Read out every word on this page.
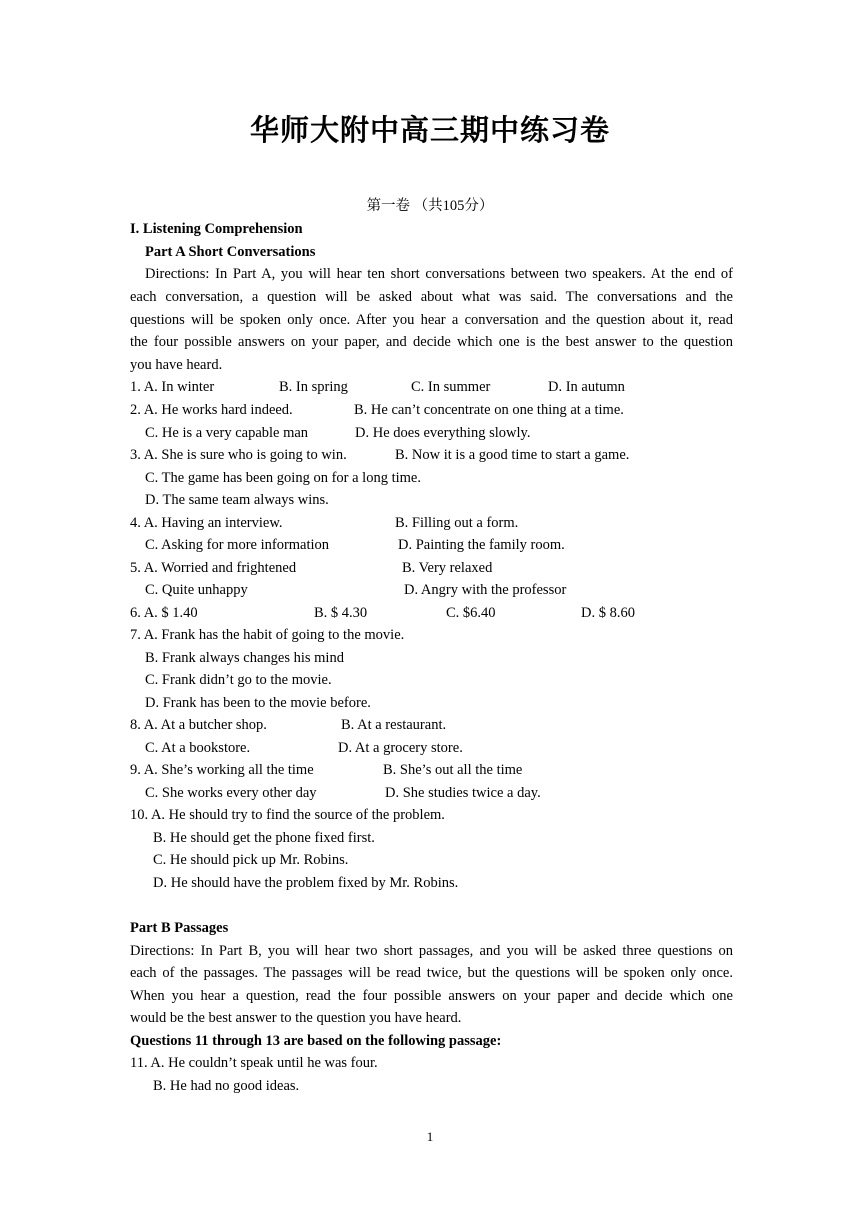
华师大附中高三期中练习卷
第一卷 （共105分）
I. Listening Comprehension
Part A Short Conversations
Directions: In Part A, you will hear ten short conversations between two speakers. At the end of
each conversation, a question will be asked about what was said. The conversations and the
questions will be spoken only once. After you hear a conversation and the question about it, read
the four possible answers on your paper, and decide which one is the best answer to the question
you have heard.
1. A. In winter	B. In spring	C. In summer	D. In autumn
2. A. He works hard indeed.	B. He can’t concentrate on one thing at a time.
C. He is a very capable man	D. He does everything slowly.
3. A. She is sure who is going to win.	B. Now it is a good time to start a game.
C. The game has been going on for a long time.
D. The same team always wins.
4. A. Having an interview.	B. Filling out a form.
C. Asking for more information	D. Painting the family room.
5. A. Worried and frightened	B. Very relaxed
C. Quite unhappy	D. Angry with the professor
6. A. $ 1.40	B. $ 4.30	C. $6.40	D. $ 8.60
7. A. Frank has the habit of going to the movie.
B. Frank always changes his mind
C. Frank didn’t go to the movie.
D. Frank has been to the movie before.
8. A. At a butcher shop.	B. At a restaurant.
C. At a bookstore.	D. At a grocery store.
9. A. She’s working all the time	B. She’s out all the time
C. She works every other day	D. She studies twice a day.
10. A. He should try to find the source of the problem.
B. He should get the phone fixed first.
C. He should pick up Mr. Robins.
D. He should have the problem fixed by Mr. Robins.
Part B Passages
Directions: In Part B, you will hear two short passages, and you will be asked three questions on
each of the passages. The passages will be read twice, but the questions will be spoken only once.
When you hear a question, read the four possible answers on your paper and decide which one
would be the best answer to the question you have heard.
Questions 11 through 13 are based on the following passage:
11. A. He couldn’t speak until he was four.
B. He had no good ideas.
1
